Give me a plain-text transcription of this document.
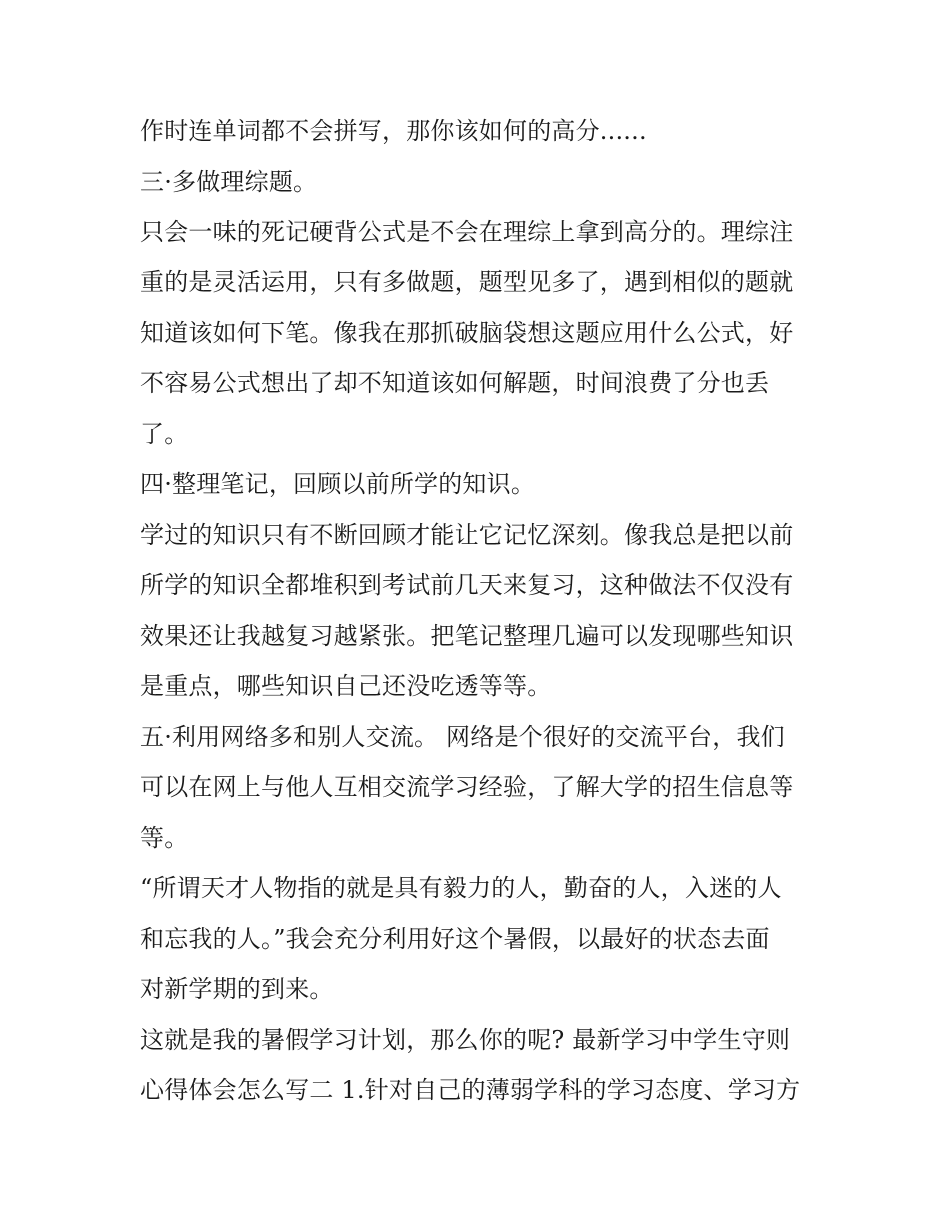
作时连单词都不会拼写，那你该如何的高分......
三·多做理综题。
只会一味的死记硬背公式是不会在理综上拿到高分的。理综注
重的是灵活运用，只有多做题，题型见多了，遇到相似的题就
知道该如何下笔。像我在那抓破脑袋想这题应用什么公式，好
不容易公式想出了却不知道该如何解题，时间浪费了分也丢
了。
四·整理笔记，回顾以前所学的知识。
学过的知识只有不断回顾才能让它记忆深刻。像我总是把以前
所学的知识全都堆积到考试前几天来复习，这种做法不仅没有
效果还让我越复习越紧张。把笔记整理几遍可以发现哪些知识
是重点，哪些知识自己还没吃透等等。
五·利用网络多和别人交流。 网络是个很好的交流平台，我们
可以在网上与他人互相交流学习经验，了解大学的招生信息等
等。
“所谓天才人物指的就是具有毅力的人，勤奋的人，入迷的人
和忘我的人。”我会充分利用好这个暑假，以最好的状态去面
对新学期的到来。
这就是我的暑假学习计划，那么你的呢? 最新学习中学生守则
心得体会怎么写二 1.针对自己的薄弱学科的学习态度、学习方
